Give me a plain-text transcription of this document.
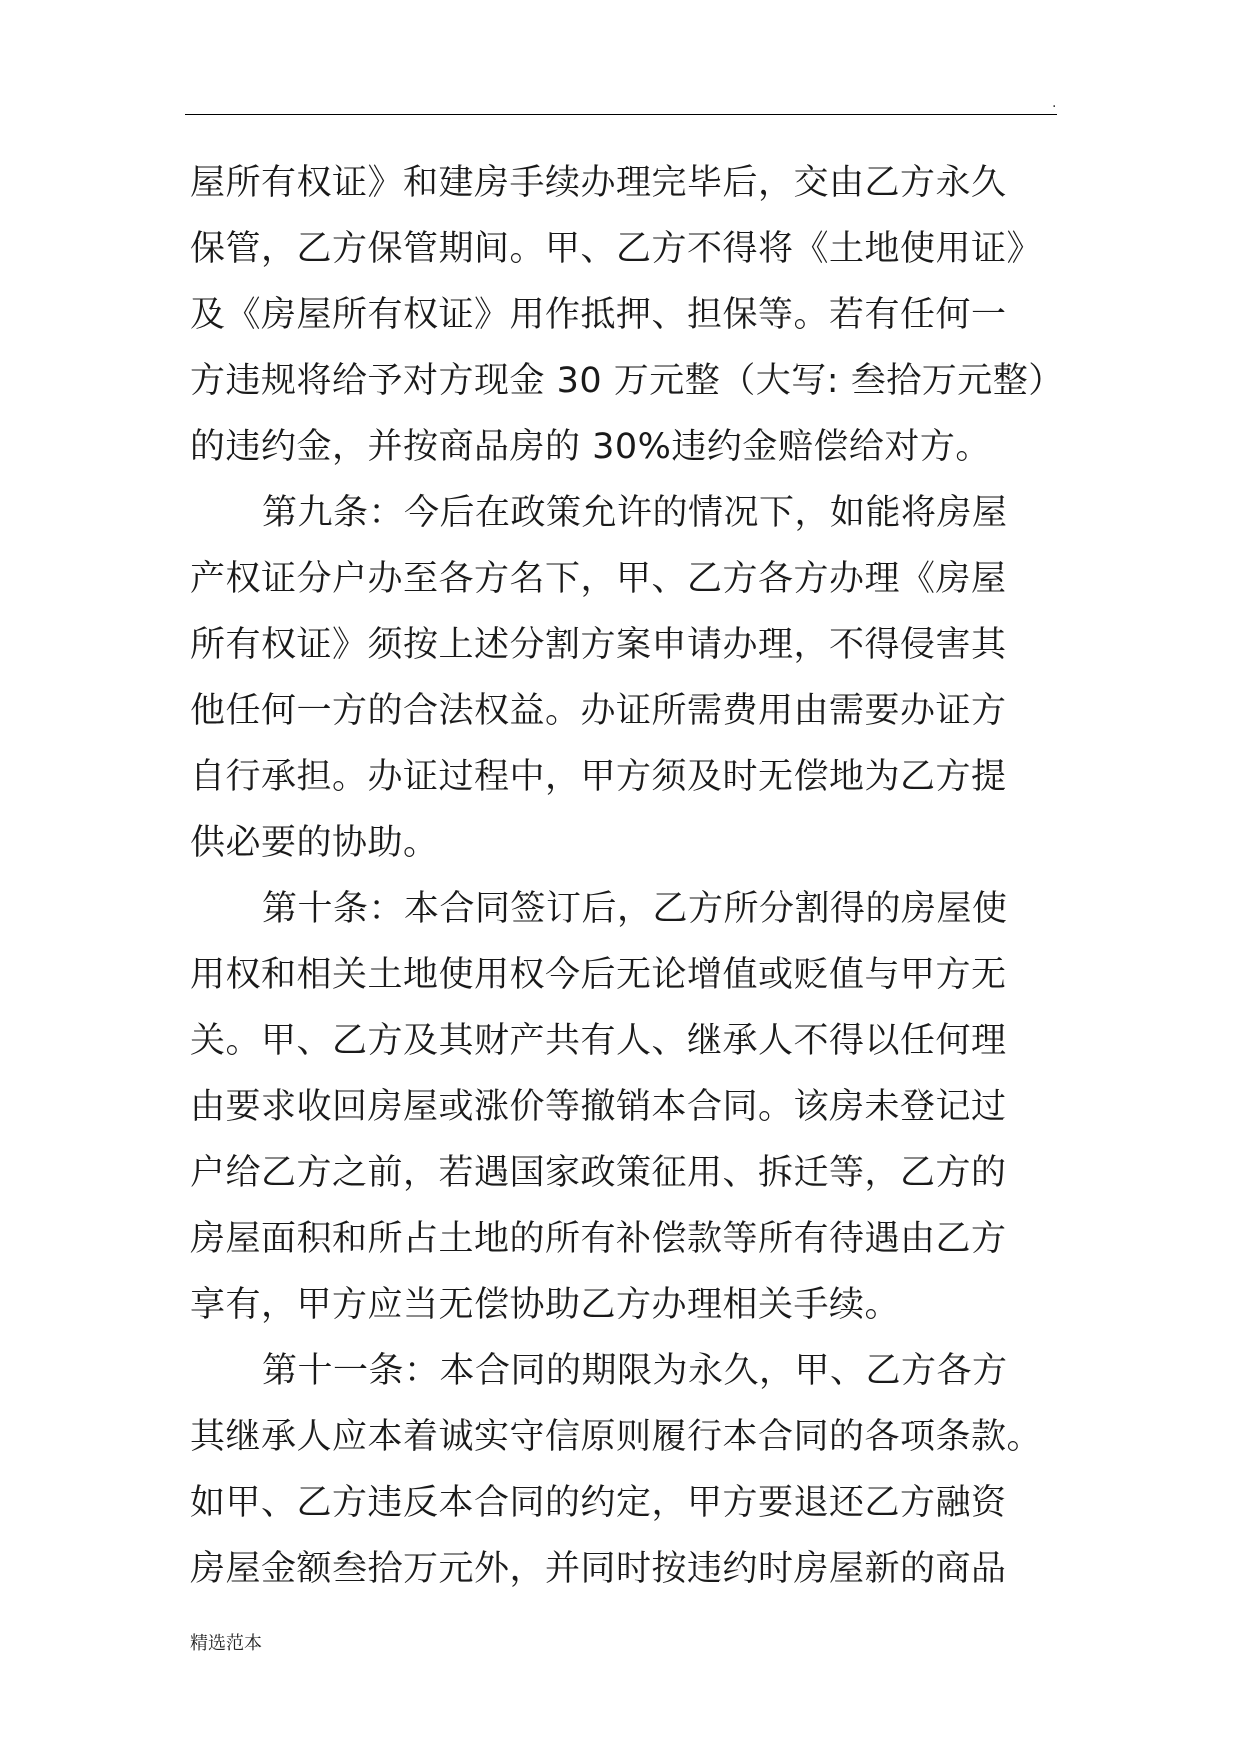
.
屋所有权证》和建房手续办理完毕后，交由乙方永久
保管，乙方保管期间。甲、乙方不得将《土地使用证》
及《房屋所有权证》用作抵押、担保等。若有任何一
方违规将给予对方现金 30 万元整（大写: 叁拾万元整）
的违约金，并按商品房的 30%违约金赔偿给对方。
第九条：今后在政策允许的情况下，如能将房屋
产权证分户办至各方名下，甲、乙方各方办理《房屋
所有权证》须按上述分割方案申请办理，不得侵害其
他任何一方的合法权益。办证所需费用由需要办证方
自行承担。办证过程中，甲方须及时无偿地为乙方提
供必要的协助。
第十条：本合同签订后，乙方所分割得的房屋使
用权和相关土地使用权今后无论增值或贬值与甲方无
关。甲、乙方及其财产共有人、继承人不得以任何理
由要求收回房屋或涨价等撤销本合同。该房未登记过
户给乙方之前，若遇国家政策征用、拆迁等，乙方的
房屋面积和所占土地的所有补偿款等所有待遇由乙方
享有，甲方应当无偿协助乙方办理相关手续。
第十一条：本合同的期限为永久，甲、乙方各方
其继承人应本着诚实守信原则履行本合同的各项条款。
如甲、乙方违反本合同的约定，甲方要退还乙方融资
房屋金额叁拾万元外，并同时按违约时房屋新的商品
精选范本
